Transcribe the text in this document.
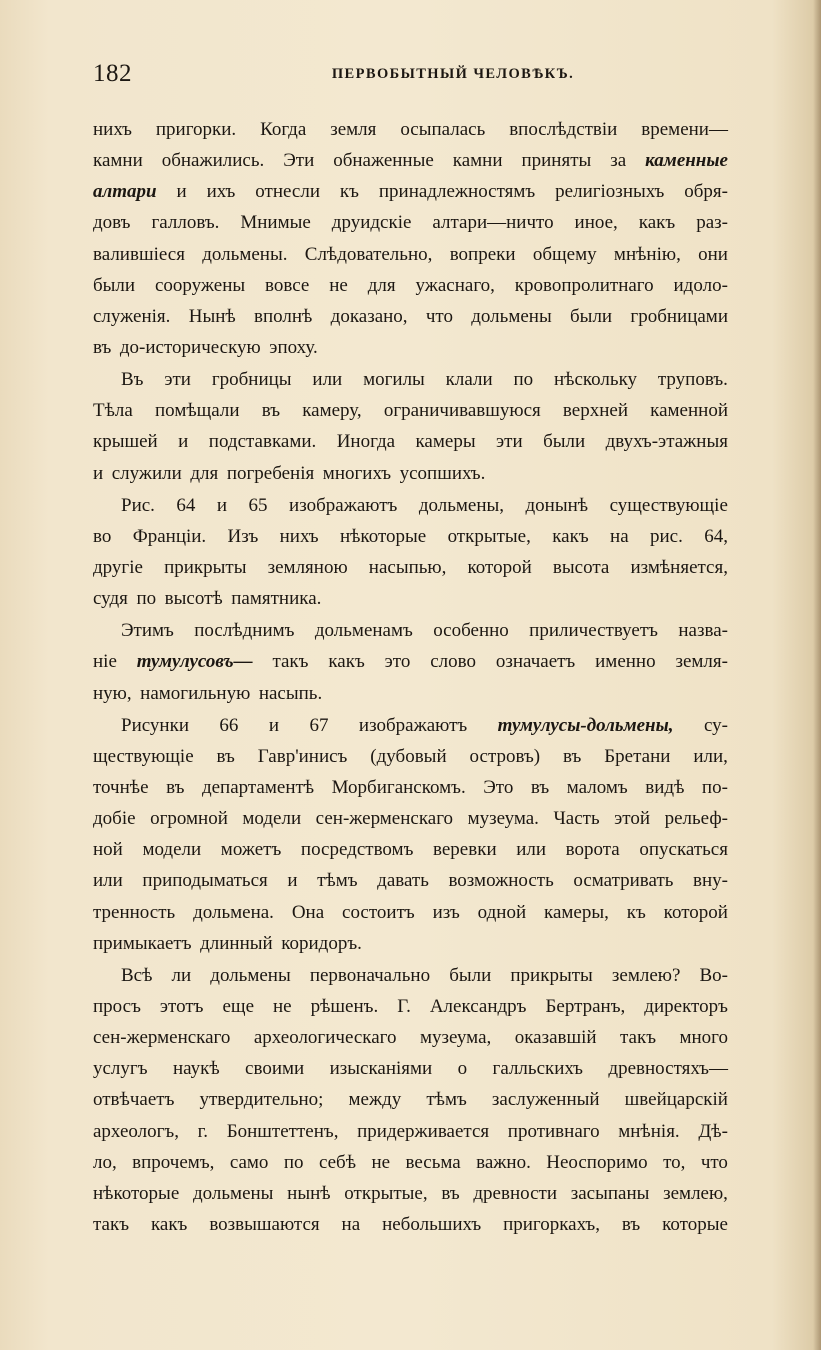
182	ПЕРВОБЫТНЫЙ ЧЕЛОВѢКЪ.
нихъ пригорки. Когда земля осыпалась впослѣдствіи времени—
камни обнажились. Эти обнаженные камни приняты за каменные
алтари и ихъ отнесли къ принадлежностямъ религіозныхъ обря-
довъ галловъ. Мнимые друидскіе алтари—ничто иное, какъ раз-
валившіеся дольмены. Слѣдовательно, вопреки общему мнѣнію, они
были сооружены вовсе не для ужаснаго, кровопролитнаго идоло-
служенія. Нынѣ вполнѣ доказано, что дольмены были гробницами
въ до-историческую эпоху.
Въ эти гробницы или могилы клали по нѣскольку труповъ.
Тѣла помѣщали въ камеру, ограничивавшуюся верхней каменной
крышей и подставками. Иногда камеры эти были двухъ-этажныя
и служили для погребенія многихъ усопшихъ.
Рис. 64 и 65 изображаютъ дольмены, донынѣ существующіе
во Франціи. Изъ нихъ нѣкоторые открытые, какъ на рис. 64,
другіе прикрыты земляною насыпью, которой высота измѣняется,
судя по высотѣ памятника.
Этимъ послѣднимъ дольменамъ особенно приличествуетъ назва-
ніе тумулусовъ— такъ какъ это слово означаетъ именно земля-
ную, намогильную насыпь.
Рисунки 66 и 67 изображаютъ тумулусы-дольмены, су-
ществующіе въ Гавр'инисъ (дубовый островъ) въ Бретани или,
точнѣе въ департаментѣ Морбиганскомъ. Это въ маломъ видѣ по-
добіе огромной модели сен-жерменскаго музеума. Часть этой рельеф-
ной модели можетъ посредствомъ веревки или ворота опускаться
или приподыматься и тѣмъ давать возможность осматривать вну-
тренность дольмена. Она состоитъ изъ одной камеры, къ которой
примыкаетъ длинный коридоръ.
Всѣ ли дольмены первоначально были прикрыты землею? Во-
просъ этотъ еще не рѣшенъ. Г. Александръ Бертранъ, директоръ
сен-жерменскаго археологическаго музеума, оказавшій такъ много
услугъ наукѣ своими изысканіями о галльскихъ древностяхъ—
отвѣчаетъ утвердительно; между тѣмъ заслуженный швейцарскій
археологъ, г. Бонштеттенъ, придерживается противнаго мнѣнія. Дѣ-
ло, впрочемъ, само по себѣ не весьма важно. Неоспоримо то, что
нѣкоторые дольмены нынѣ открытые, въ древности засыпаны землею,
такъ какъ возвышаются на небольшихъ пригоркахъ, въ которые
